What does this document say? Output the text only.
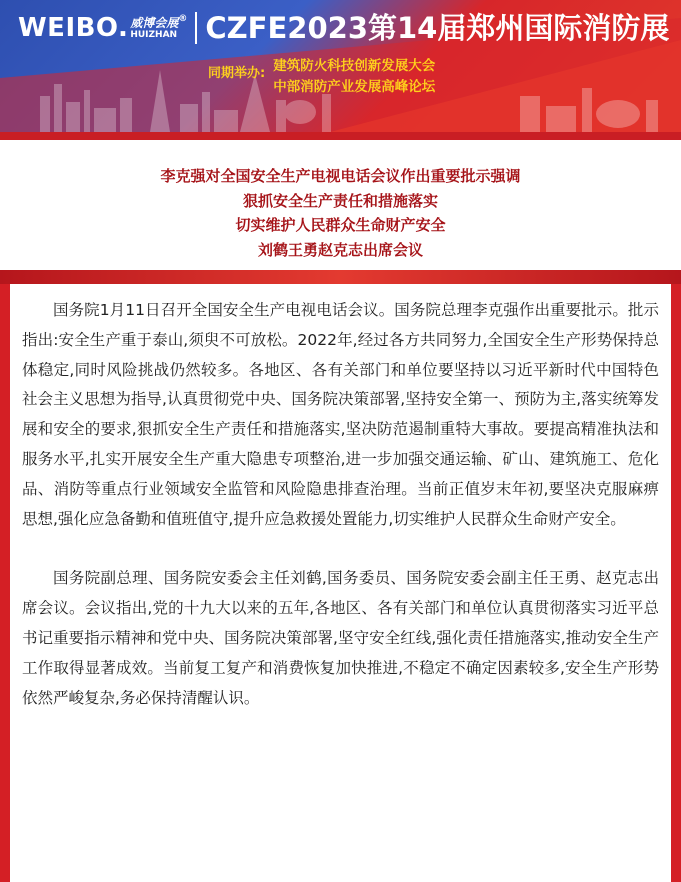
WEIBO. 威博会展
HUIZHAN
® CZFE2023第14届郑州国际消防展
同期举办: 建筑防火科技创新发展大会
中部消防产业发展高峰论坛
李克强对全国安全生产电视电话会议作出重要批示强调
狠抓安全生产责任和措施落实
切实维护人民群众生命财产安全
刘鹤王勇赵克志出席会议

国务院1月11日召开全国安全生产电视电话会议。国务院总理李克强作出重要批示。批示指出:安全生产重于泰山,须臾不可放松。2022年,经过各方共同努力,全国安全生产形势保持总体稳定,同时风险挑战仍然较多。各地区、各有关部门和单位要坚持以习近平新时代中国特色社会主义思想为指导,认真贯彻党中央、国务院决策部署,坚持安全第一、预防为主,落实统筹发展和安全的要求,狠抓安全生产责任和措施落实,坚决防范遏制重特大事故。要提高精准执法和服务水平,扎实开展安全生产重大隐患专项整治,进一步加强交通运输、矿山、建筑施工、危化品、消防等重点行业领域安全监管和风险隐患排查治理。当前正值岁末年初,要坚决克服麻痹思想,强化应急备勤和值班值守,提升应急救援处置能力,切实维护人民群众生命财产安全。

国务院副总理、国务院安委会主任刘鹤,国务委员、国务院安委会副主任王勇、赵克志出席会议。会议指出,党的十九大以来的五年,各地区、各有关部门和单位认真贯彻落实习近平总书记重要指示精神和党中央、国务院决策部署,坚守安全红线,强化责任措施落实,推动安全生产工作取得显著成效。当前复工复产和消费恢复加快推进,不稳定不确定因素较多,安全生产形势依然严峻复杂,务必保持清醒认识。
